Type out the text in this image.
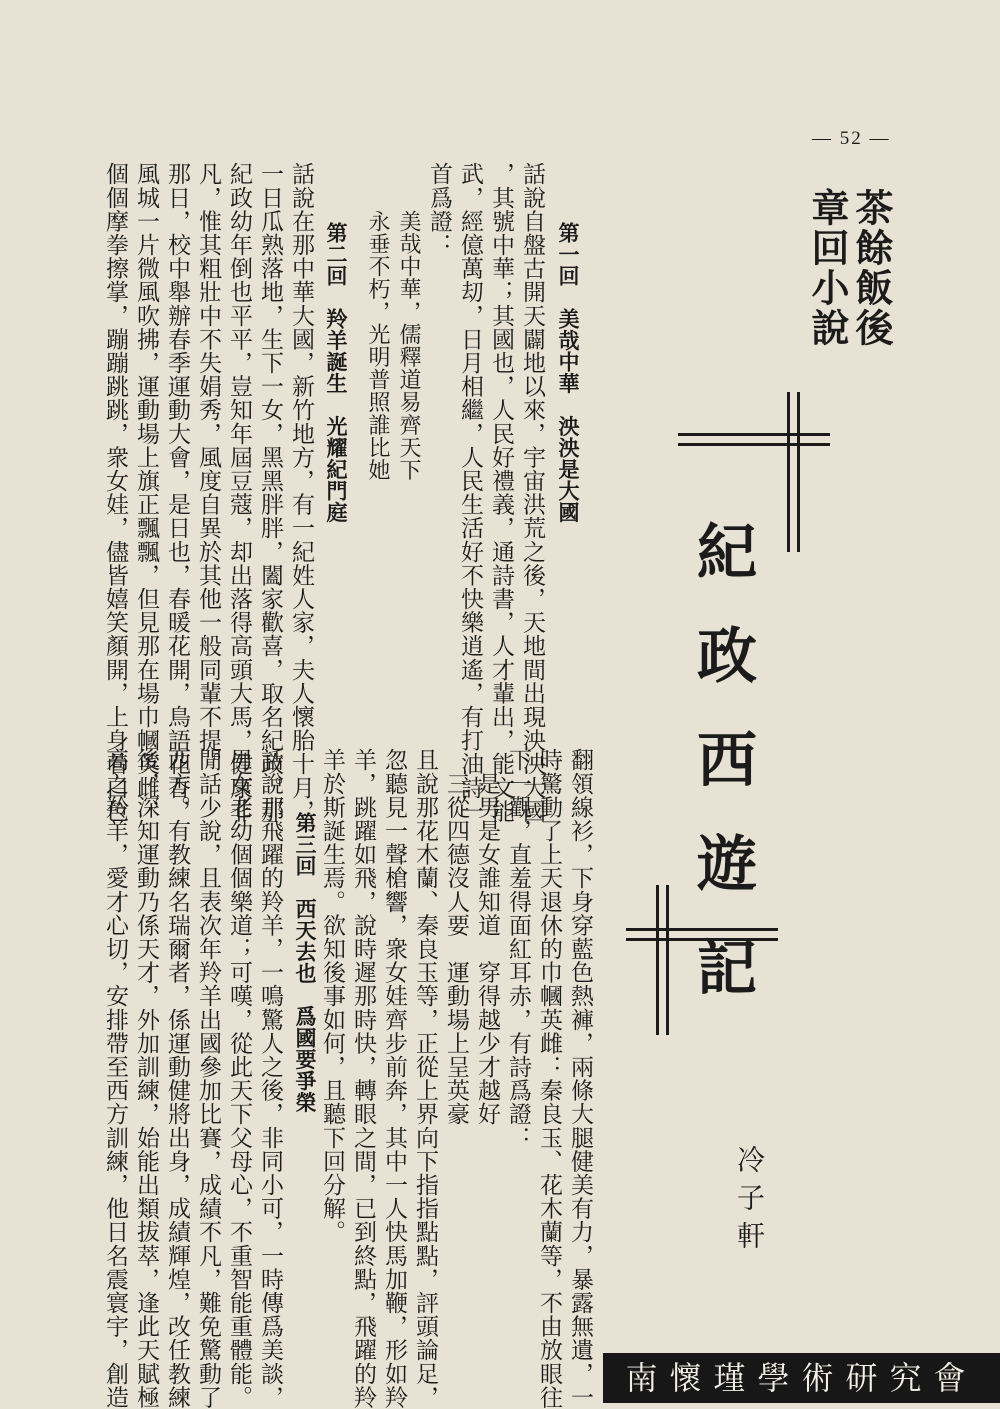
— 52 —
茶餘飯後
章回小說
紀政西遊記
冷子軒
翻領線衫，下身穿藍色熱褲，兩條大腿健美有力，暴露無遺，一
時驚動了上天退休的巾幗英雌：秦良玉、花木蘭等，不由放眼往
下一觀，直羞得面紅耳赤，有詩爲證：
　是男是女誰知道　穿得越少才越好
　三從四德沒人要　運動場上呈英豪
且說那花木蘭、秦良玉等，正從上界向下指指點點，評頭論足，
忽聽見一聲槍響，衆女娃齊步前奔，其中一人快馬加鞭，形如羚
羊，跳躍如飛，說時遲那時快，轉眼之間，已到終點，飛躍的羚
羊於斯誕生焉。欲知後事如何，且聽下回分解。
第一回　美哉中華　泱泱是大國
話說自盤古開天闢地以來，宇宙洪荒之後，天地間出現泱泱大國
，其號中華；其國也，人民好禮義，通詩書，人才輩出，能文能
武，經億萬刧，日月相繼，人民生活好不快樂逍遙，有打油詩一
首爲證：
美哉中華，儒釋道易齊天下
永垂不朽，光明普照誰比她
第二回　羚羊誕生　光耀紀門庭
話說在那中華大國，新竹地方，有一紀姓人家，夫人懷胎十月，
一日瓜熟落地，生下一女，黑黑胖胖，闔家歡喜，取名紀政。那
紀政幼年倒也平平，豈知年屆豆蔻，却出落得高頭大馬，健康非
凡，惟其粗壯中不失娟秀，風度自異於其他一般同輩不提。
那日，校中舉辦春季運動大會，是日也，春暖花開，鳥語花香，
風城一片微風吹拂，運動場上旗正飄飄，但見那在場巾幗英雌，
個個摩拳擦掌，蹦蹦跳跳，衆女娃，儘皆嬉笑顏開，上身着白色
第三回　西天去也　爲國要爭榮
話說那飛躍的羚羊，一鳴驚人之後，非同小可，一時傳爲美談，
男女老幼個個樂道；可嘆，從此天下父母心，不重智能重體能。
閒話少說，且表次年羚羊出國參加比賽，成績不凡，難免驚動了
西方。有教練名瑞爾者，係運動健將出身，成績輝煌，改任教練
後，深知運動乃係天才，外加訓練，始能出類拔萃，逢此天賦極
高之羚羊，愛才心切，安排帶至西方訓練，他日名震寰宇，創造	南懷瑾學術研究會
